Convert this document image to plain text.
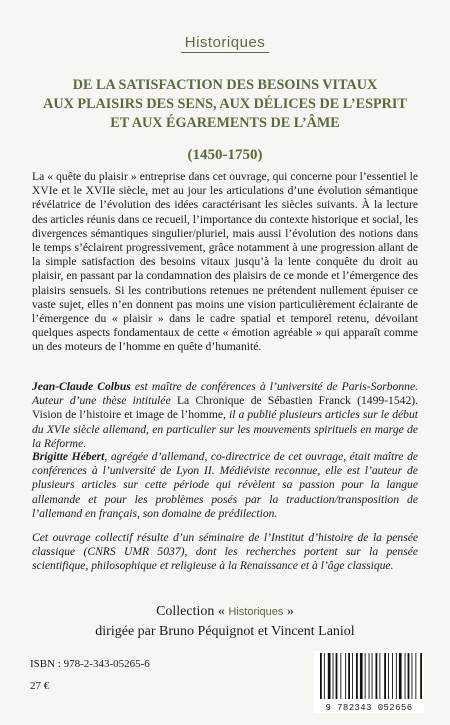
Historiques
DE LA SATISFACTION DES BESOINS VITAUX
AUX PLAISIRS DES SENS, AUX DÉLICES DE L’ESPRIT
ET AUX ÉGAREMENTS DE L’ÂME
(1450-1750)
La « quête du plaisir » entreprise dans cet ouvrage, qui concerne pour l’essentiel le XVIe et le XVIIe siècle, met au jour les articulations d’une évolution sémantique révélatrice de l’évolution des idées caractérisant les siècles suivants. À la lecture des articles réunis dans ce recueil, l’importance du contexte historique et social, les divergences sémantiques singulier/pluriel, mais aussi l’évolution des notions dans le temps s’éclairent progressivement, grâce notamment à une progression allant de la simple satisfaction des besoins vitaux jusqu’à la lente conquête du droit au plaisir, en passant par la condamnation des plaisirs de ce monde et l’émergence des plaisirs sensuels. Si les contributions retenues ne prétendent nullement épuiser ce vaste sujet, elles n’en donnent pas moins une vision particulièrement éclairante de l’émergence du « plaisir » dans le cadre spatial et temporel retenu, dévoilant quelques aspects fondamentaux de cette « émotion agréable » qui apparaît comme un des moteurs de l’homme en quête d’humanité.
Jean-Claude Colbus est maître de conférences à l’université de Paris-Sorbonne. Auteur d’une thèse intitulée La Chronique de Sébastien Franck (1499-1542). Vision de l’histoire et image de l’homme, il a publié plusieurs articles sur le début du XVIe siècle allemand, en particulier sur les mouvements spirituels en marge de la Réforme.
Brigitte Hébert, agrégée d’allemand, co-directrice de cet ouvrage, était maître de conférences à l’université de Lyon II. Médiéviste reconnue, elle est l’auteur de plusieurs articles sur cette période qui révèlent sa passion pour la langue allemande et pour les problèmes posés par la traduction/transposition de l’allemand en français, son domaine de prédilection.
Cet ouvrage collectif résulte d’un séminaire de l’Institut d’histoire de la pensée classique (CNRS UMR 5037), dont les recherches portent sur la pensée scientifique, philosophique et religieuse à la Renaissance et à l’âge classique.
Collection « Historiques »
dirigée par Bruno Péquignot et Vincent Laniol
ISBN : 978-2-343-05265-6
27 €
9 782343 052656
